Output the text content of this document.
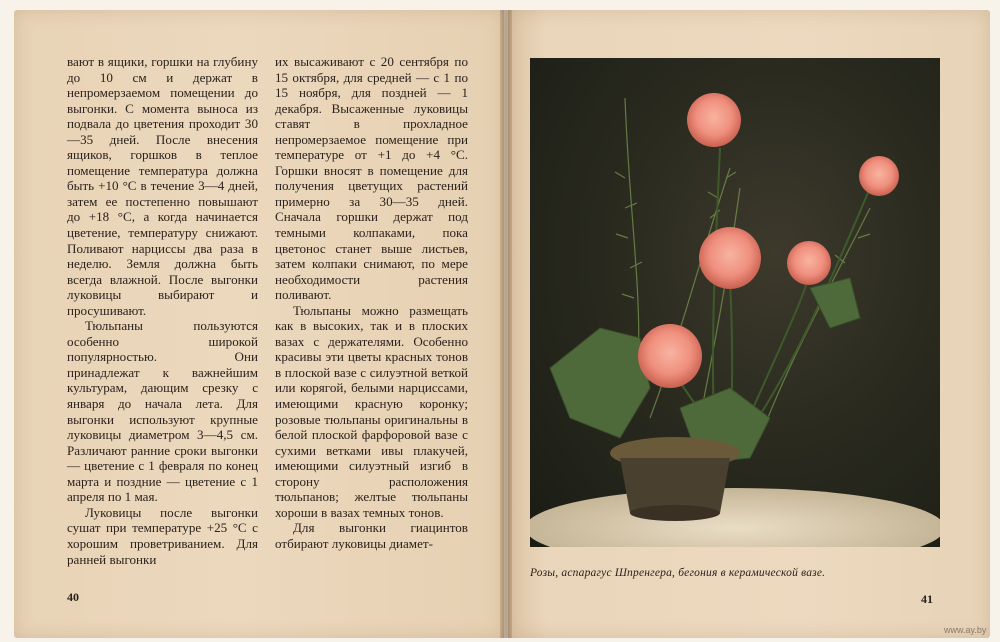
вают в ящики, горшки на глубину до 10 см и держат в непромерзаемом помещении до выгонки. С момента выноса из подвала до цветения проходит 30—35 дней. После внесения ящиков, горшков в теплое помещение температура должна быть +10 °С в течение 3—4 дней, затем ее постепенно повышают до +18 °С, а когда начинается цветение, температуру снижают. Поливают нарциссы два раза в неделю. Земля должна быть всегда влажной. После выгонки луковицы выбирают и просушивают.

Тюльпаны пользуются особенно широкой популярностью. Они принадлежат к важнейшим культурам, дающим срезку с января до начала лета. Для выгонки используют крупные луковицы диаметром 3—4,5 см. Различают ранние сроки выгонки — цветение с 1 февраля по конец марта и поздние — цветение с 1 апреля по 1 мая.

Луковицы после выгонки сушат при температуре +25 °С с хорошим проветриванием. Для ранней выгонки

их высаживают с 20 сентября по 15 октября, для средней — с 1 по 15 ноября, для поздней — 1 декабря. Высаженные луковицы ставят в прохладное непромерзаемое помещение при температуре от +1 до +4 °С. Горшки вносят в помещение для получения цветущих растений примерно за 30—35 дней. Сначала горшки держат под темными колпаками, пока цветонос станет выше листьев, затем колпаки снимают, по мере необходимости растения поливают.

Тюльпаны можно размещать как в высоких, так и в плоских вазах с держателями. Особенно красивы эти цветы красных тонов в плоской вазе с силуэтной веткой или корягой, белыми нарциссами, имеющими красную коронку; розовые тюльпаны оригинальны в белой плоской фарфоровой вазе с сухими ветками ивы плакучей, имеющими силуэтный изгиб в сторону расположения тюльпанов; желтые тюльпаны хороши в вазах темных тонов.

Для выгонки гиацинтов отбирают луковицы диамет-

40
Розы, аспарагус Шпренгера, бегония в керамической вазе.
41
www.ay.by
